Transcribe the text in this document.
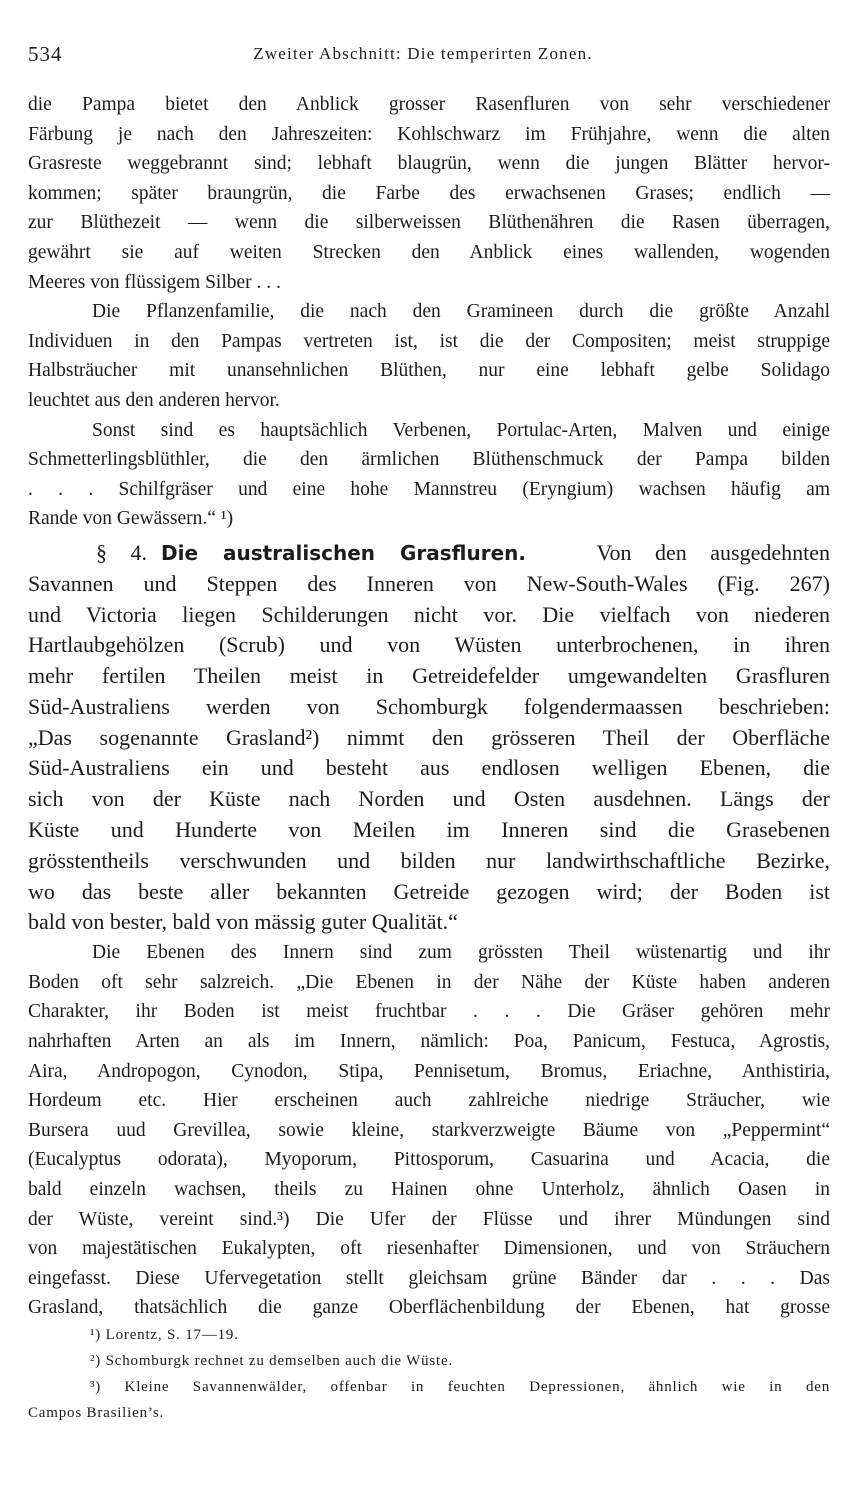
534	Zweiter Abschnitt: Die temperirten Zonen.
die Pampa bietet den Anblick grosser Rasenfluren von sehr verschiedener
Färbung je nach den Jahreszeiten: Kohlschwarz im Frühjahre, wenn die alten
Grasreste weggebrannt sind; lebhaft blaugrün, wenn die jungen Blätter hervor-
kommen; später braungrün, die Farbe des erwachsenen Grases; endlich —
zur Blüthezeit — wenn die silberweissen Blüthenähren die Rasen überragen,
gewährt sie auf weiten Strecken den Anblick eines wallenden, wogenden
Meeres von flüssigem Silber . . .
Die Pflanzenfamilie, die nach den Gramineen durch die größte Anzahl
Individuen in den Pampas vertreten ist, ist die der Compositen; meist struppige
Halbsträucher mit unansehnlichen Blüthen, nur eine lebhaft gelbe Solidago
leuchtet aus den anderen hervor.
Sonst sind es hauptsächlich Verbenen, Portulac-Arten, Malven und einige
Schmetterlingsblüthler, die den ärmlichen Blüthenschmuck der Pampa bilden
. . . Schilfgräser und eine hohe Mannstreu (Eryngium) wachsen häufig am
Rande von Gewässern.“ ¹)
§ 4. Die australischen Grasfluren.	Von den ausgedehnten
Savannen und Steppen des Inneren von New-South-Wales (Fig. 267)
und Victoria liegen Schilderungen nicht vor. Die vielfach von niederen
Hartlaubgehölzen (Scrub) und von Wüsten unterbrochenen, in ihren
mehr fertilen Theilen meist in Getreidefelder umgewandelten Grasfluren
Süd-Australiens werden von Schomburgk folgendermaassen beschrieben:
„Das sogenannte Grasland²) nimmt den grösseren Theil der Oberfläche
Süd-Australiens ein und besteht aus endlosen welligen Ebenen, die
sich von der Küste nach Norden und Osten ausdehnen. Längs der
Küste und Hunderte von Meilen im Inneren sind die Grasebenen
grösstentheils verschwunden und bilden nur landwirthschaftliche Bezirke,
wo das beste aller bekannten Getreide gezogen wird; der Boden ist
bald von bester, bald von mässig guter Qualität.“
Die Ebenen des Innern sind zum grössten Theil wüstenartig und ihr
Boden oft sehr salzreich. „Die Ebenen in der Nähe der Küste haben anderen
Charakter, ihr Boden ist meist fruchtbar . . . Die Gräser gehören mehr
nahrhaften Arten an als im Innern, nämlich: Poa, Panicum, Festuca, Agrostis,
Aira, Andropogon, Cynodon, Stipa, Pennisetum, Bromus, Eriachne, Anthistiria,
Hordeum etc. Hier erscheinen auch zahlreiche niedrige Sträucher, wie
Bursera uud Grevillea, sowie kleine, starkverzweigte Bäume von „Peppermint“
(Eucalyptus odorata), Myoporum, Pittosporum, Casuarina und Acacia, die
bald einzeln wachsen, theils zu Hainen ohne Unterholz, ähnlich Oasen in
der Wüste, vereint sind.³) Die Ufer der Flüsse und ihrer Mündungen sind
von majestätischen Eukalypten, oft riesenhafter Dimensionen, und von Sträuchern
eingefasst. Diese Ufervegetation stellt gleichsam grüne Bänder dar . . . Das
Grasland, thatsächlich die ganze Oberflächenbildung der Ebenen, hat grosse
¹) Lorentz, S. 17—19.
²) Schomburgk rechnet zu demselben auch die Wüste.
³) Kleine Savannenwälder, offenbar in feuchten Depressionen, ähnlich wie in den
Campos Brasilien’s.
